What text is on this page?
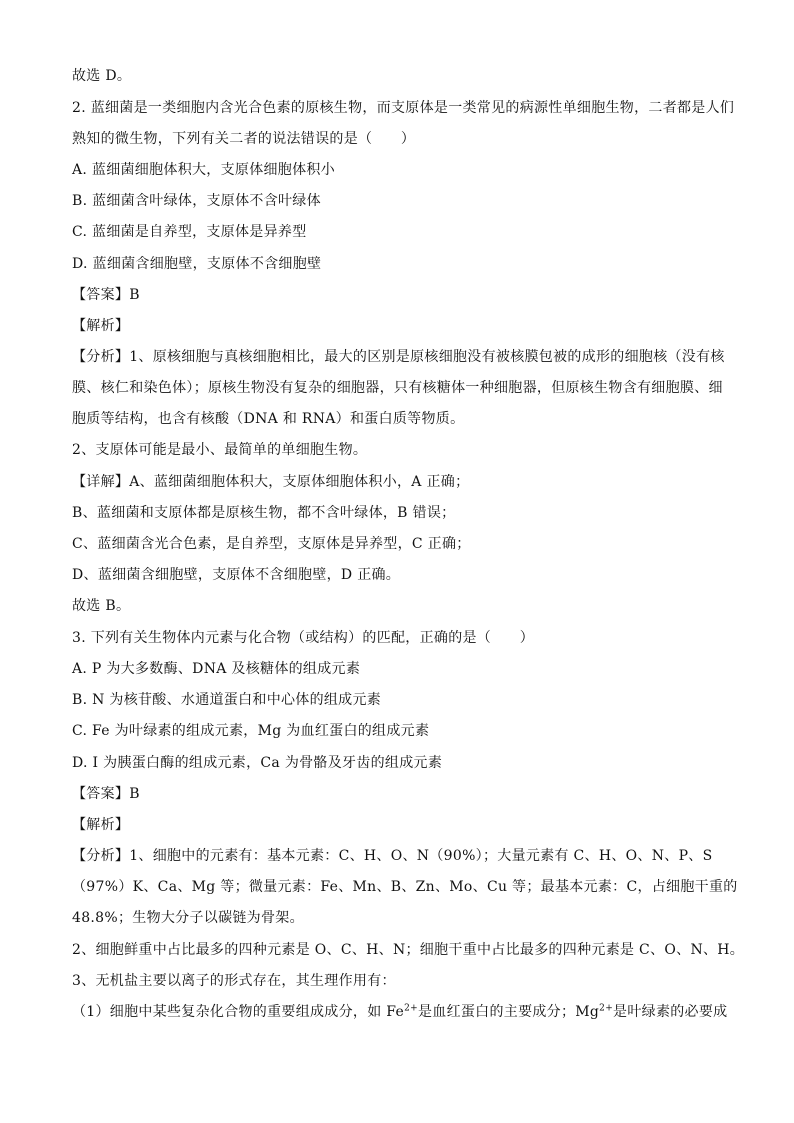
故选 D。
2. 蓝细菌是一类细胞内含光合色素的原核生物，而支原体是一类常见的病源性单细胞生物，二者都是人们
熟知的微生物，下列有关二者的说法错误的是（　　）
A. 蓝细菌细胞体积大，支原体细胞体积小
B. 蓝细菌含叶绿体，支原体不含叶绿体
C. 蓝细菌是自养型，支原体是异养型
D. 蓝细菌含细胞壁，支原体不含细胞壁
【答案】B
【解析】
【分析】1、原核细胞与真核细胞相比，最大的区别是原核细胞没有被核膜包被的成形的细胞核（没有核
膜、核仁和染色体）；原核生物没有复杂的细胞器，只有核糖体一种细胞器，但原核生物含有细胞膜、细
胞质等结构，也含有核酸（DNA 和 RNA）和蛋白质等物质。
2、支原体可能是最小、最简单的单细胞生物。
【详解】A、蓝细菌细胞体积大，支原体细胞体积小，A 正确；
B、蓝细菌和支原体都是原核生物，都不含叶绿体，B 错误；
C、蓝细菌含光合色素，是自养型，支原体是异养型，C 正确；
D、蓝细菌含细胞壁，支原体不含细胞壁，D 正确。
故选 B。
3. 下列有关生物体内元素与化合物（或结构）的匹配，正确的是（　　）
A. P 为大多数酶、DNA 及核糖体的组成元素
B. N 为核苷酸、水通道蛋白和中心体的组成元素
C. Fe 为叶绿素的组成元素，Mg 为血红蛋白的组成元素
D. I 为胰蛋白酶的组成元素，Ca 为骨骼及牙齿的组成元素
【答案】B
【解析】
【分析】1、细胞中的元素有：基本元素：C、H、O、N（90%）；大量元素有 C、H、O、N、P、S
（97%）K、Ca、Mg 等；微量元素：Fe、Mn、B、Zn、Mo、Cu 等；最基本元素：C，占细胞干重的
48.8%；生物大分子以碳链为骨架。
2、细胞鲜重中占比最多的四种元素是 O、C、H、N；细胞干重中占比最多的四种元素是 C、O、N、H。
3、无机盐主要以离子的形式存在，其生理作用有：
（1）细胞中某些复杂化合物的重要组成成分，如 $Fe^{2+}$是血红蛋白的主要成分；$Mg^{2+}$是叶绿素的必要成
